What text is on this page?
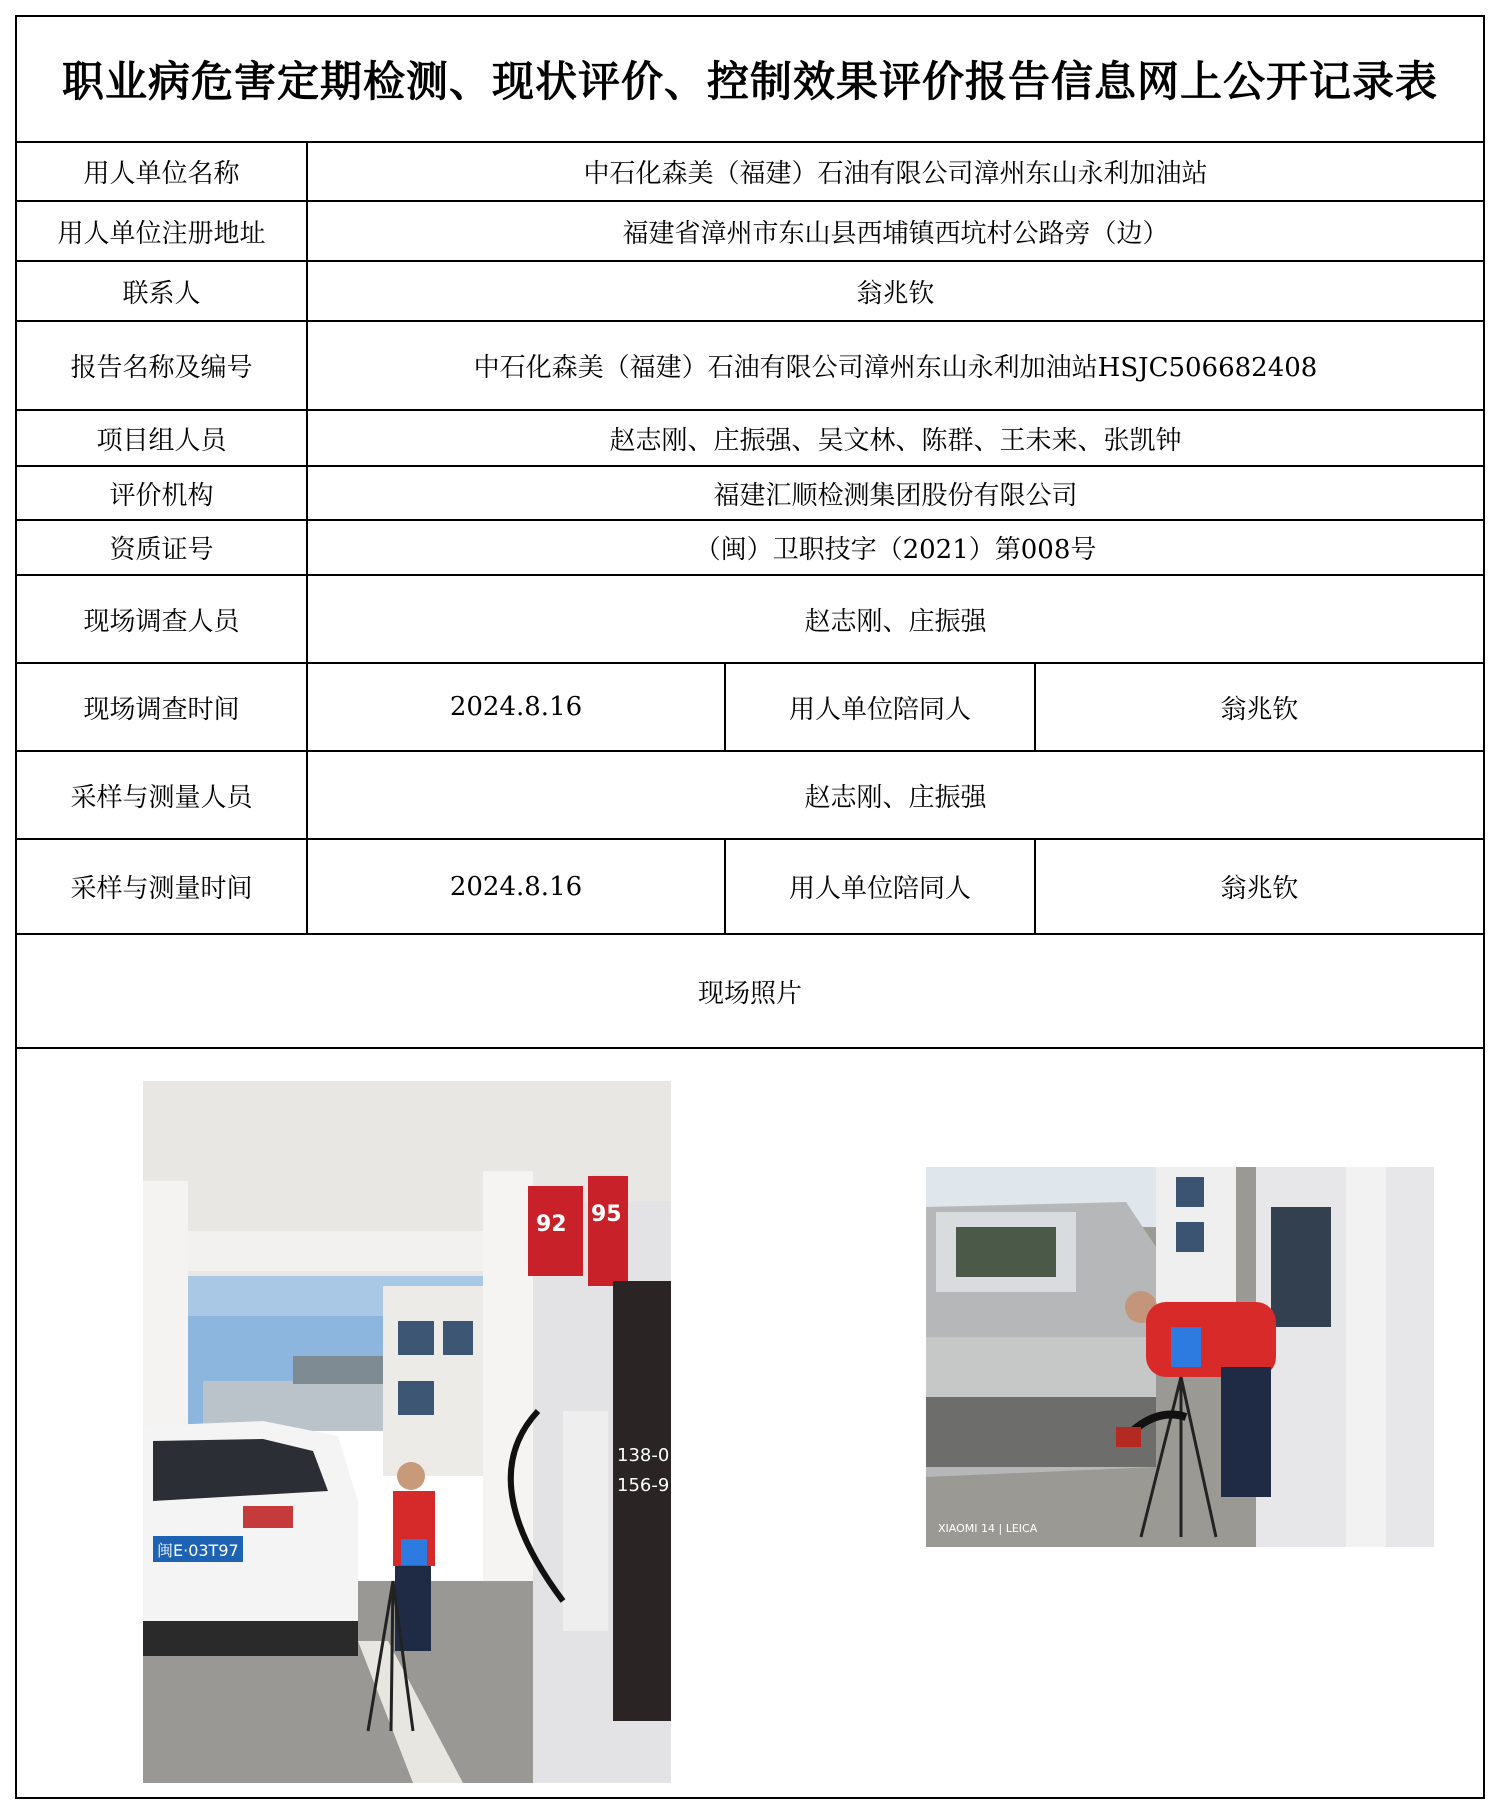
职业病危害定期检测、现状评价、控制效果评价报告信息网上公开记录表
用人单位名称	中石化森美（福建）石油有限公司漳州东山永利加油站
用人单位注册地址	福建省漳州市东山县西埔镇西坑村公路旁（边）
联系人	翁兆钦
报告名称及编号	中石化森美（福建）石油有限公司漳州东山永利加油站HSJC506682408
项目组人员	赵志刚、庄振强、吴文林、陈群、王未来、张凯钟
评价机构	福建汇顺检测集团股份有限公司
资质证号	（闽）卫职技字（2021）第008号
现场调查人员	赵志刚、庄振强
现场调查时间	2024.8.16	用人单位陪同人	翁兆钦
采样与测量人员	赵志刚、庄振强
采样与测量时间	2024.8.16	用人单位陪同人	翁兆钦
现场照片
闽E·03T97
92 95
138-0
156-9
XIAOMI 14 | LEICA
